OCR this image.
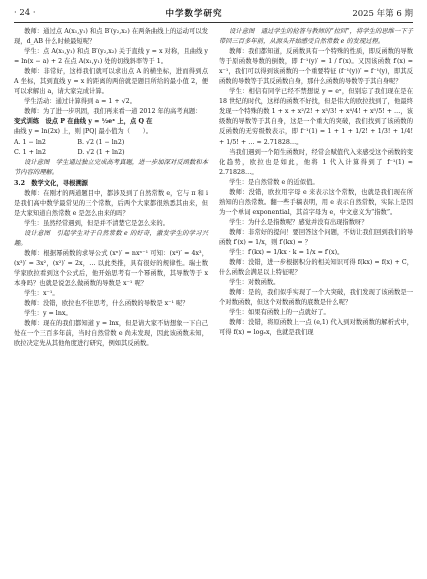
· 24 ·	中学数学研究	2025 年第 6 期

教师：通过点 A(x₁,y₁) 和点 B′(y₂,x₂) 在两条曲线上的运动可以发现，d_AB 什么时候最短呢？

学生：点 A(x₁,y₁) 和点 B′(y₂,x₂) 关于直线 y = x 对称，且曲线 y = ln(x − a) + 2 在点 A(x₁,y₁) 处的切线斜率等于 1。

教师：非常好，这样我们就可以求出点 A 的横坐标，进而得到点 A 坐标，其到直线 y = x 的距离的两倍就是题目所给的最小值 2，便可以求解出 a，请大家完成计算。

学生活动：通过计算得到 a = 1 + √2。

教师：为了进一步巩固，我们再来看一道 2012 年的高考真题：

变式训练　设点 P 在曲线 y = ½eˣ 上，点 Q 在

曲线 y = ln(2x) 上，则 |PQ| 最小值为（　　）。

A. 1 − ln2　　　　　B. √2 (1 − ln2)

C. 1 + ln2　　　　　D. √2 (1 + ln2)

设计意图　学生通过独立完成高考真题，进一步加深对反函数和本节内容的理解。

3.2　数学文化，寻根溯源

教师：在刚才的两道题目中，都涉及到了自然常数 e，它与 π 和 i 是我们高中数学最常见的三个常数，后两个大家都很熟悉其由来，但是大家知道自然常数 e 是怎么由来的吗？

学生：虽然经常遇到，但是并不清楚它是怎么来的。

设计意图　引起学生对于自然常数 e 的好奇，激发学生的学习兴趣。

教师：根据幂函数的求导公式 (xⁿ)′ = nxⁿ⁻¹ 可知：(x⁴)′ = 4x³，(x³)′ = 3x²，(x²)′ = 2x，… 以此类推，具有很好的规律性。瑞士数学家欧拉看到这个公式后，他开始思考有一个幂函数，其导数等于 x 本身吗？也就是说怎么做函数的导数是 x⁻¹ 呢？

学生：x⁻¹。

教师：没错，欧拉也不住思考，什么函数的导数是 x⁻¹ 呢？

学生：y = lnx。

教师：现在的我们都知道 y = lnx，但是请大家不妨想象一下自己处在一个三百多年前，当时自然常数 e 尚未发现，因此该函数未知，欧拉决定先从其他角度进行研究，例如其反函数。

设计意图　通过学生的抢答与教师的“拉回”，将学生的思维一下子带回三百多年前，从源头开始感受自然常数 e 的发现过程。

教师：我们都知道，反函数具有一个特殊的性质，即反函数的导数等于原函数导数的倒数，即 f⁻¹(y)′ = 1 / f′(x)。又因该函数 f′(x) = x⁻¹，我们可以得到该函数的一个重要特征 (f⁻¹(y))′ = f⁻¹(y)，即其反函数的导数等于其反函数自身，那什么函数的导数等于其自身呢？

学生：相信有同学已经不禁想说 y = eˣ，但别忘了我们现在是在 18 世纪的时代，这样的函数不好找，但是伟大的欧拉找到了，他最终发现一个特殊的数 1 + x + x²/2! + x³/3! + x⁴/4! + x⁵/5! + …，该级数的导数等于其自身，这是一个重大的突破，我们找到了该函数的反函数的无穷级数表示，即 f⁻¹(1) = 1 + 1 + 1/2! + 1/3! + 1/4! + 1/5! + … ≈ 2.71828…。

当我们遇到一个陌生函数时，经常会赋值代入来感受这个函数的变化趋势，欧拉也是如此，他将 1 代入计算得到了 f⁻¹(1) ≈ 2.71828…。

学生：是自然常数 e 的近似值。

教师：没错，欧拉用字母 e 来表示这个常数，也就是我们现在所熟知的自然常数。翻一些手稿表明，用 e 表示自然常数，实际上是因为一个单词 exponential，其首字母为 e，中文意义为“指数”。

学生：为什么是指数呢？感觉并没有出现指数呀？

教师：非常好的提问！要回答这个问题，不妨让我们回到我们的导函数 f′(x) = 1/x，则 f′(kx) = ？

学生：f′(kx) = 1/kx · k = 1/x = f′(x)。

教师：没错，进一步根据积分的相关知识可得 f(kx) = f(x) + C，什么函数会满足以上特征呢？

学生：对数函数。

教师：是的，我们似乎实现了一个大突破，我们发现了该函数是一个对数函数，但这个对数函数的底数是什么呢？

学生：如果有函数上的一点就好了。

教师：没错，将原函数上一点 (e,1) 代入到对数函数的解析式中，可得 f(x) = logₑx，也就是我们现
